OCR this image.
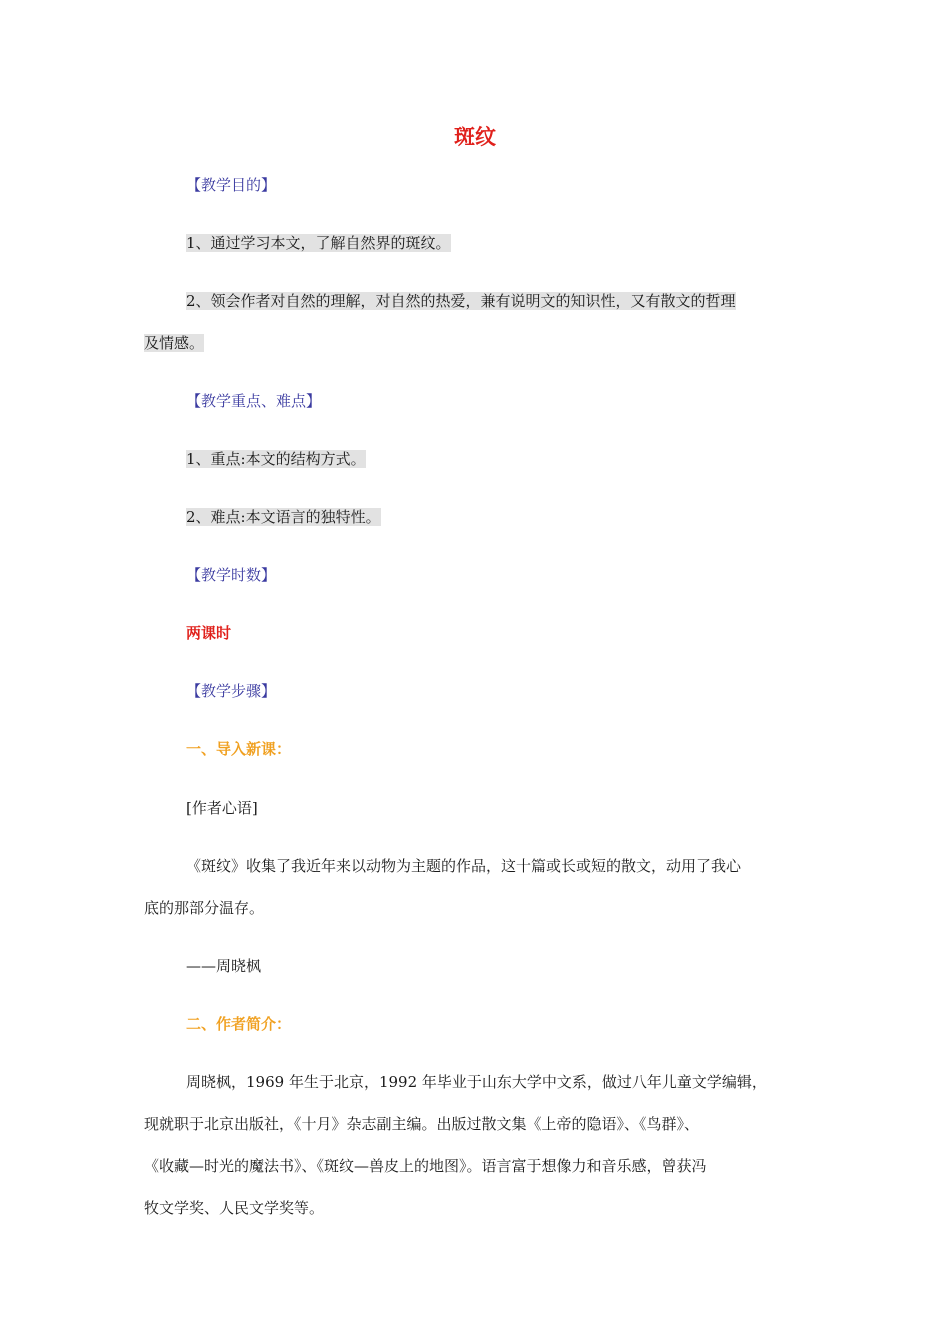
斑纹
【教学目的】
1、通过学习本文，了解自然界的斑纹。
2、领会作者对自然的理解，对自然的热爱，兼有说明文的知识性，又有散文的哲理
及情感。
【教学重点、难点】
1、重点:本文的结构方式。
2、难点:本文语言的独特性。
【教学时数】
两课时
【教学步骤】
一、导入新课：
[作者心语]
《斑纹》收集了我近年来以动物为主题的作品，这十篇或长或短的散文，动用了我心
底的那部分温存。
——周晓枫
二、作者简介：
周晓枫，1969 年生于北京，1992 年毕业于山东大学中文系，做过八年儿童文学编辑，
现就职于北京出版社，《十月》杂志副主编。出版过散文集《上帝的隐语》、《鸟群》、
《收藏—时光的魔法书》、《斑纹—兽皮上的地图》。语言富于想像力和音乐感，曾获冯
牧文学奖、人民文学奖等。
